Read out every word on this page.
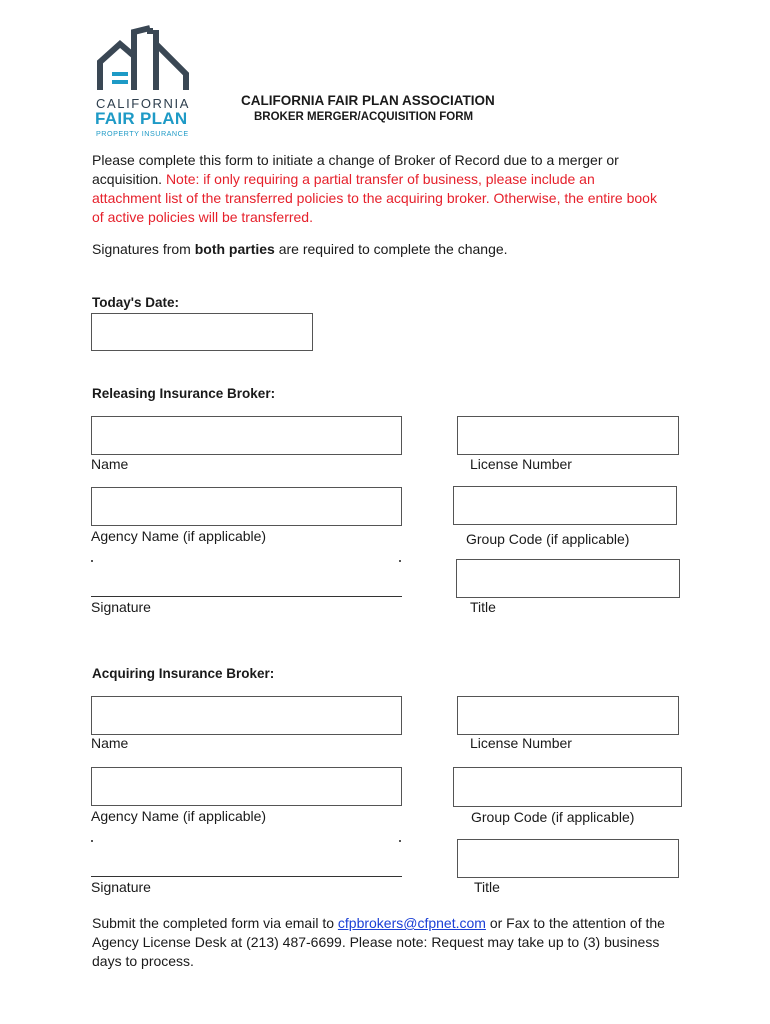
CALIFORNIA
FAIR PLAN
PROPERTY INSURANCE
CALIFORNIA FAIR PLAN ASSOCIATION
BROKER MERGER/ACQUISITION FORM
Please complete this form to initiate a change of Broker of Record due to a merger or acquisition. Note: if only requiring a partial transfer of business, please include an attachment list of the transferred policies to the acquiring broker. Otherwise, the entire book of active policies will be transferred.
Signatures from both parties are required to complete the change.
Today's Date:
Releasing Insurance Broker:
Name	License Number
Agency Name (if applicable)	Group Code (if applicable)
Signature	Title
Acquiring Insurance Broker:
Name	License Number
Agency Name (if applicable)	Group Code (if applicable)
Signature	Title
Submit the completed form via email to cfpbrokers@cfpnet.com or Fax to the attention of the Agency License Desk at (213) 487-6699. Please note: Request may take up to (3) business days to process.
